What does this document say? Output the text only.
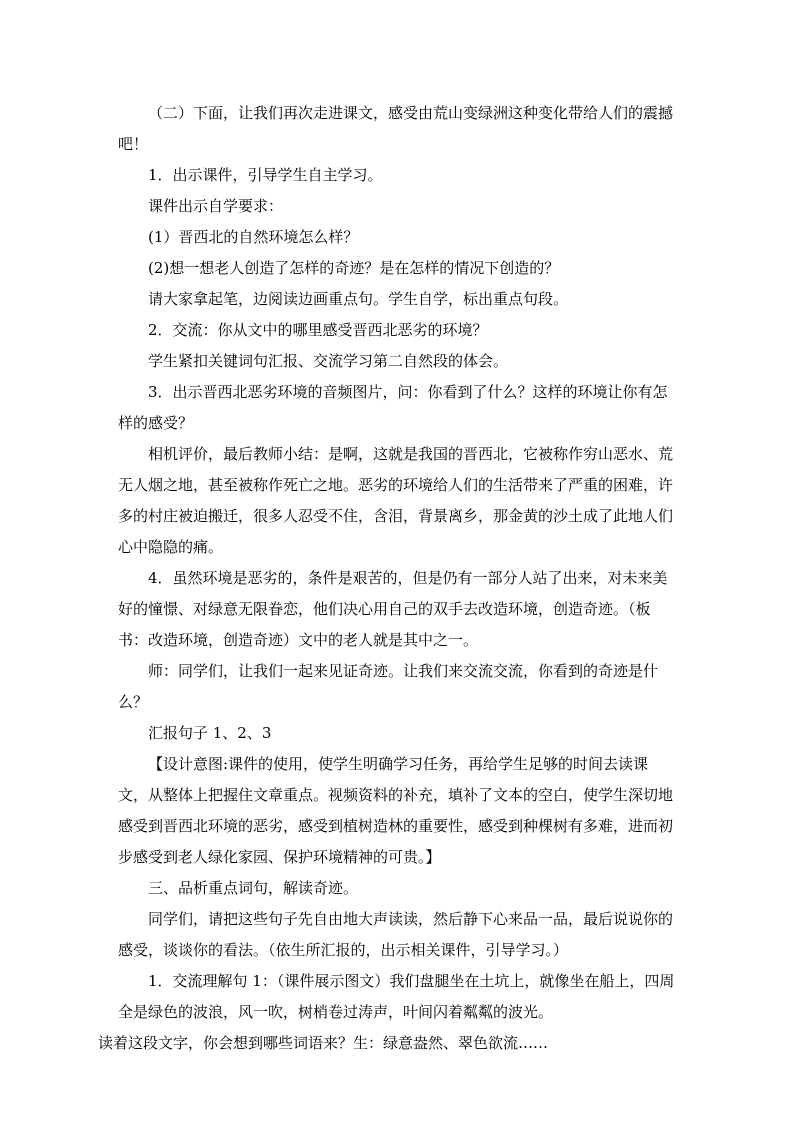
（二）下面，让我们再次走进课文，感受由荒山变绿洲这种变化带给人们的震撼吧！

1．出示课件，引导学生自主学习。

课件出示自学要求：

(1）晋西北的自然环境怎么样？

(2)想一想老人创造了怎样的奇迹？是在怎样的情况下创造的？

请大家拿起笔，边阅读边画重点句。学生自学，标出重点句段。

2．交流：你从文中的哪里感受晋西北恶劣的环境？

学生紧扣关键词句汇报、交流学习第二自然段的体会。

3．出示晋西北恶劣环境的音频图片，问：你看到了什么？这样的环境让你有怎样的感受？

相机评价，最后教师小结：是啊，这就是我国的晋西北，它被称作穷山恶水、荒无人烟之地，甚至被称作死亡之地。恶劣的环境给人们的生活带来了严重的困难，许多的村庄被迫搬迁，很多人忍受不住，含泪，背景离乡，那金黄的沙土成了此地人们心中隐隐的痛。

4．虽然环境是恶劣的，条件是艰苦的，但是仍有一部分人站了出来，对未来美好的憧憬、对绿意无限眷恋，他们决心用自己的双手去改造环境，创造奇迹。（板书：改造环境，创造奇迹）文中的老人就是其中之一。

师：同学们，让我们一起来见证奇迹。让我们来交流交流，你看到的奇迹是什么？

汇报句子 1、2、3

【设计意图:课件的使用，使学生明确学习任务，再给学生足够的时间去读课文，从整体上把握住文章重点。视频资料的补充，填补了文本的空白，使学生深切地感受到晋西北环境的恶劣，感受到植树造林的重要性，感受到种棵树有多难，进而初步感受到老人绿化家园、保护环境精神的可贵。】

三、品析重点词句，解读奇迹。

同学们，请把这些句子先自由地大声读读，然后静下心来品一品，最后说说你的感受，谈谈你的看法。（依生所汇报的，出示相关课件，引导学习。）

1．交流理解句 1：（课件展示图文）我们盘腿坐在土坑上，就像坐在船上，四周全是绿色的波浪，风一吹，树梢卷过涛声，叶间闪着粼粼的波光。

读着这段文字，你会想到哪些词语来？生：绿意盎然、翠色欲流……
